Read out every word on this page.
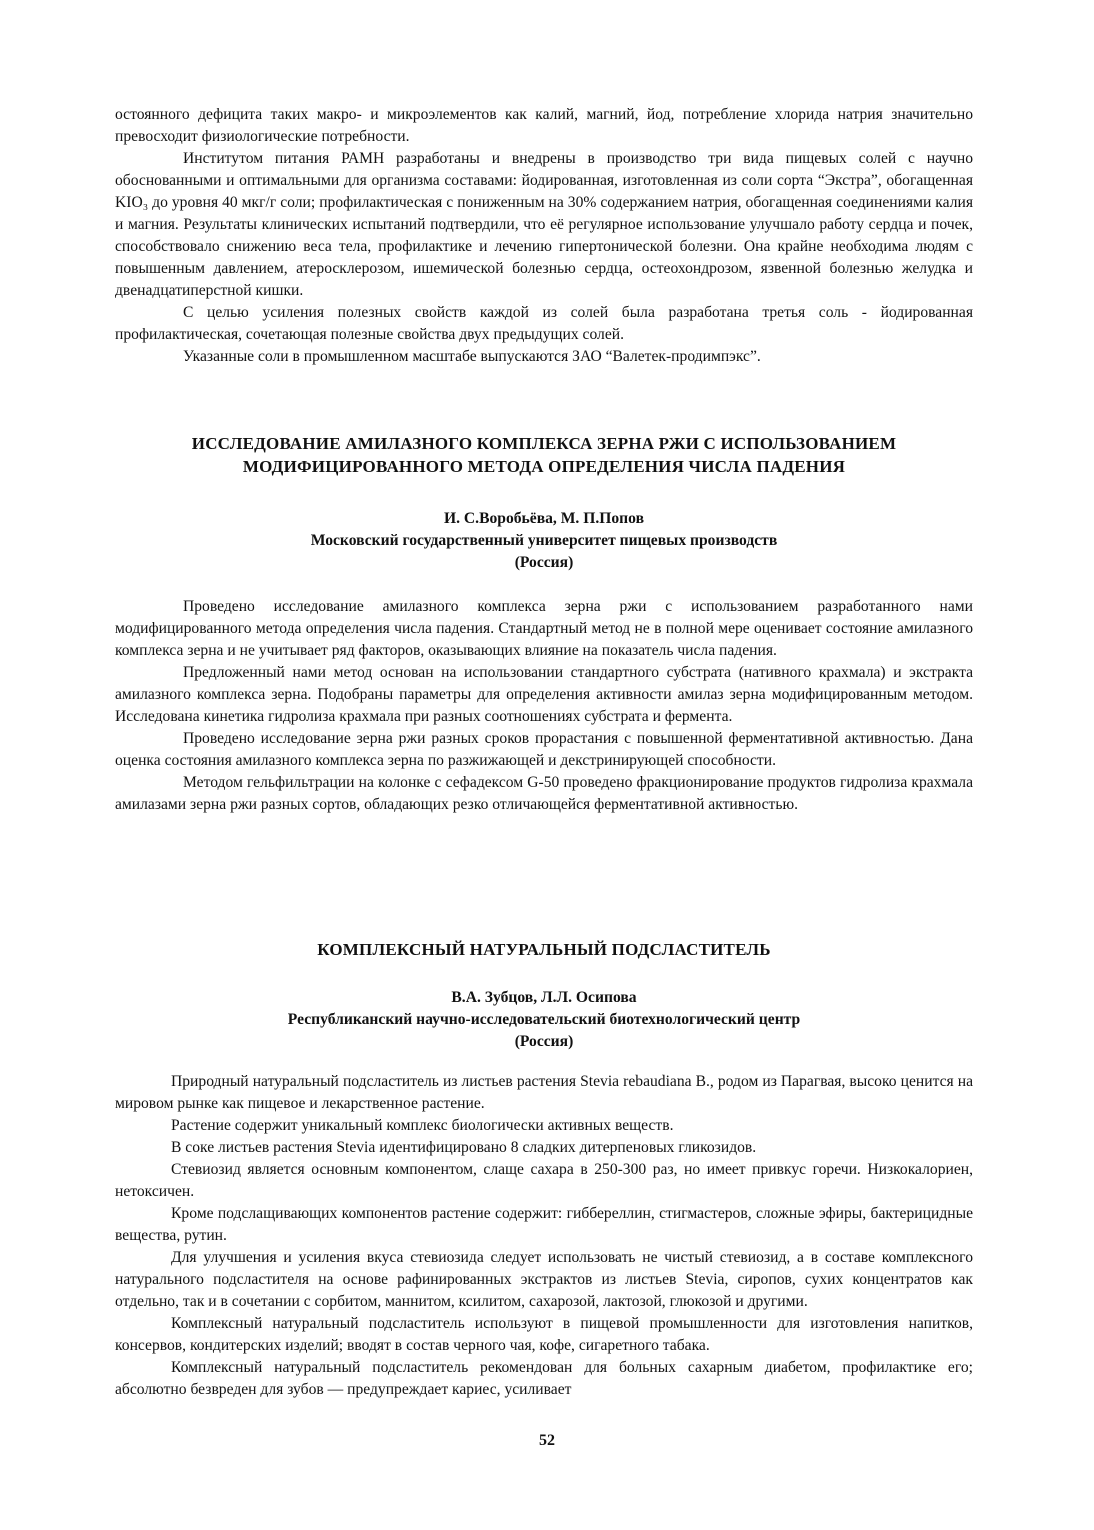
остоянного дефицита таких макро- и микроэлементов как калий, магний, йод, потребление хлорида натрия значительно превосходит физиологические потребности.

Институтом питания РАМН разработаны и внедрены в производство три вида пищевых солей с научно обоснованными и оптимальными для организма составами: йодированная, изготовленная из соли сорта “Экстра”, обогащенная KIO₃ до уровня 40 мкг/г соли; профилактическая с пониженным на 30% содержанием натрия, обогащенная соединениями калия и магния. Результаты клинических испытаний подтвердили, что её регулярное использование улучшало работу сердца и почек, способствовало снижению веса тела, профилактике и лечению гипертонической болезни. Она крайне необходима людям с повышенным давлением, атеросклерозом, ишемической болезнью сердца, остеохондрозом, язвенной болезнью желудка и двенадцатиперстной кишки.

С целью усиления полезных свойств каждой из солей была разработана третья соль - йодированная профилактическая, сочетающая полезные свойства двух предыдущих солей.

Указанные соли в промышленном масштабе выпускаются ЗАО “Валетек-продимпэкс”.

ИССЛЕДОВАНИЕ АМИЛАЗНОГО КОМПЛЕКСА ЗЕРНА РЖИ С ИСПОЛЬЗОВАНИЕМ
МОДИФИЦИРОВАННОГО МЕТОДА ОПРЕДЕЛЕНИЯ ЧИСЛА ПАДЕНИЯ
И. С.Воробьёва, М. П.Попов
Московский государственный университет пищевых производств
(Россия)

Проведено исследование амилазного комплекса зерна ржи с использованием разработанного нами модифицированного метода определения числа падения. Стандартный метод не в полной мере оценивает состояние амилазного комплекса зерна и не учитывает ряд факторов, оказывающих влияние на показатель числа падения.

Предложенный нами метод основан на использовании стандартного субстрата (нативного крахмала) и экстракта амилазного комплекса зерна. Подобраны параметры для определения активности амилаз зерна модифицированным методом. Исследована кинетика гидролиза крахмала при разных соотношениях субстрата и фермента.

Проведено исследование зерна ржи разных сроков прорастания с повышенной ферментативной активностью. Дана оценка состояния амилазного комплекса зерна по разжижающей и декстринирующей способности.

Методом гельфильтрации на колонке с сефадексом G-50 проведено фракционирование продуктов гидролиза крахмала амилазами зерна ржи разных сортов, обладающих резко отличающейся ферментативной активностью.

КОМПЛЕКСНЫЙ НАТУРАЛЬНЫЙ ПОДСЛАСТИТЕЛЬ
В.А. Зубцов, Л.Л. Осипова
Республиканский научно-исследовательский биотехнологический центр
(Россия)

Природный натуральный подсластитель из листьев растения Stevia rebaudiana B., родом из Парагвая, высоко ценится на мировом рынке как пищевое и лекарственное растение.

Растение содержит уникальный комплекс биологически активных веществ.

В соке листьев растения Stevia идентифицировано 8 сладких дитерпеновых гликозидов.

Стевиозид является основным компонентом, слаще сахара в 250-300 раз, но имеет привкус горечи. Низкокалориен, нетоксичен.

Кроме подслащивающих компонентов растение содержит: гиббереллин, стигмастеров, сложные эфиры, бактерицидные вещества, рутин.

Для улучшения и усиления вкуса стевиозида следует использовать не чистый стевиозид, а в составе комплексного натурального подсластителя на основе рафинированных экстрактов из листьев Stevia, сиропов, сухих концентратов как отдельно, так и в сочетании с сорбитом, маннитом, ксилитом, сахарозой, лактозой, глюкозой и другими.

Комплексный натуральный подсластитель используют в пищевой промышленности для изготовления напитков, консервов, кондитерских изделий; вводят в состав черного чая, кофе, сигаретного табака.

Комплексный натуральный подсластитель рекомендован для больных сахарным диабетом, профилактике его; абсолютно безвреден для зубов — предупреждает кариес, усиливает

52
